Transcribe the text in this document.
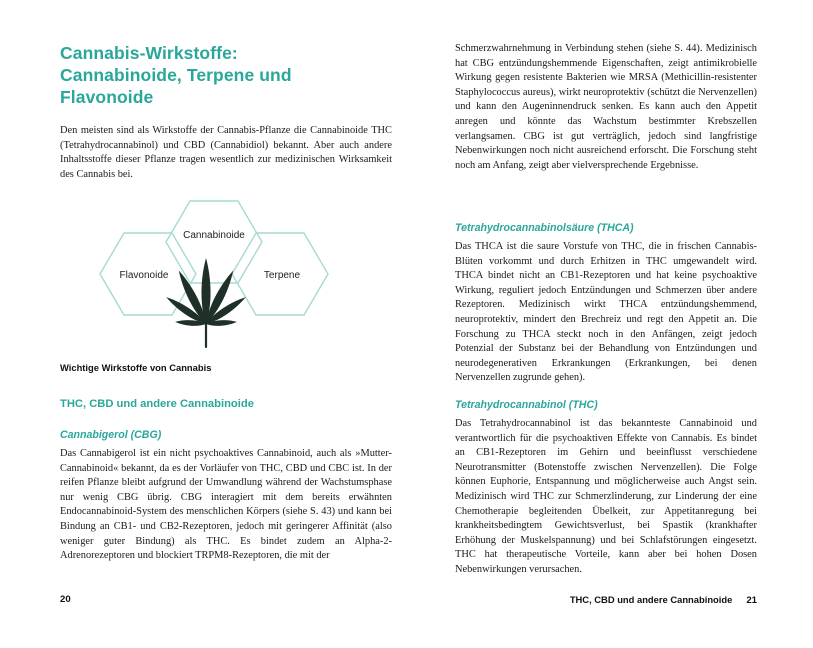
Cannabis-Wirkstoffe:
Cannabinoide, Terpene und
Flavonoide
Den meisten sind als Wirkstoffe der Cannabis-Pflanze die Cannabinoide THC (Tetrahydrocannabinol) und CBD (Cannabidiol) bekannt. Aber auch andere Inhaltsstoffe dieser Pflanze tragen wesentlich zur medizinischen Wirksamkeit des Cannabis bei.
Cannabinoide
Flavonoide	Terpene
Wichtige Wirkstoffe von Cannabis
THC, CBD und andere Cannabinoide
Cannabigerol (CBG)
Das Cannabigerol ist ein nicht psychoaktives Cannabinoid, auch als »Mutter-Cannabinoid« bekannt, da es der Vorläufer von THC, CBD und CBC ist. In der reifen Pflanze bleibt aufgrund der Umwandlung während der Wachstumsphase nur wenig CBG übrig. CBG interagiert mit dem bereits erwähnten Endocannabinoid-System des menschlichen Körpers (siehe S. 43) und kann bei Bindung an CB1- und CB2-Rezeptoren, jedoch mit geringerer Affinität (also weniger guter Bindung) als THC. Es bindet zudem an Alpha-2-Adrenorezeptoren und blockiert TRPM8-Rezeptoren, die mit der
20
Schmerzwahrnehmung in Verbindung stehen (siehe S. 44). Medizinisch hat CBG entzündungshemmende Eigenschaften, zeigt antimikrobielle Wirkung gegen resistente Bakterien wie MRSA (Methicillin-resistenter Staphylococcus aureus), wirkt neuroprotektiv (schützt die Nervenzellen) und kann den Augeninnendruck senken. Es kann auch den Appetit anregen und könnte das Wachstum bestimmter Krebszellen verlangsamen. CBG ist gut verträglich, jedoch sind langfristige Nebenwirkungen noch nicht ausreichend erforscht. Die Forschung steht noch am Anfang, zeigt aber vielversprechende Ergebnisse.
Tetrahydrocannabinolsäure (THCA)
Das THCA ist die saure Vorstufe von THC, die in frischen Cannabis-Blüten vorkommt und durch Erhitzen in THC umgewandelt wird. THCA bindet nicht an CB1-Rezeptoren und hat keine psychoaktive Wirkung, reguliert jedoch Entzündungen und Schmerzen über andere Rezeptoren. Medizinisch wirkt THCA entzündungshemmend, neuroprotektiv, mindert den Brechreiz und regt den Appetit an. Die Forschung zu THCA steckt noch in den Anfängen, zeigt jedoch Potenzial der Substanz bei der Behandlung von Entzündungen und neurodegenerativen Erkrankungen (Erkrankungen, bei denen Nervenzellen zugrunde gehen).
Tetrahydrocannabinol (THC)
Das Tetrahydrocannabinol ist das bekannteste Cannabinoid und verantwortlich für die psychoaktiven Effekte von Cannabis. Es bindet an CB1-Rezeptoren im Gehirn und beeinflusst verschiedene Neurotransmitter (Botenstoffe zwischen Nervenzellen). Die Folge können Euphorie, Entspannung und möglicherweise auch Angst sein. Medizinisch wird THC zur Schmerzlinderung, zur Linderung der eine Chemotherapie begleitenden Übelkeit, zur Appetitanregung bei krankheitsbedingtem Gewichtsverlust, bei Spastik (krankhafter Erhöhung der Muskelspannung) und bei Schlafstörungen eingesetzt. THC hat therapeutische Vorteile, kann aber bei hohen Dosen Nebenwirkungen verursachen.
THC, CBD und andere Cannabinoide 21
